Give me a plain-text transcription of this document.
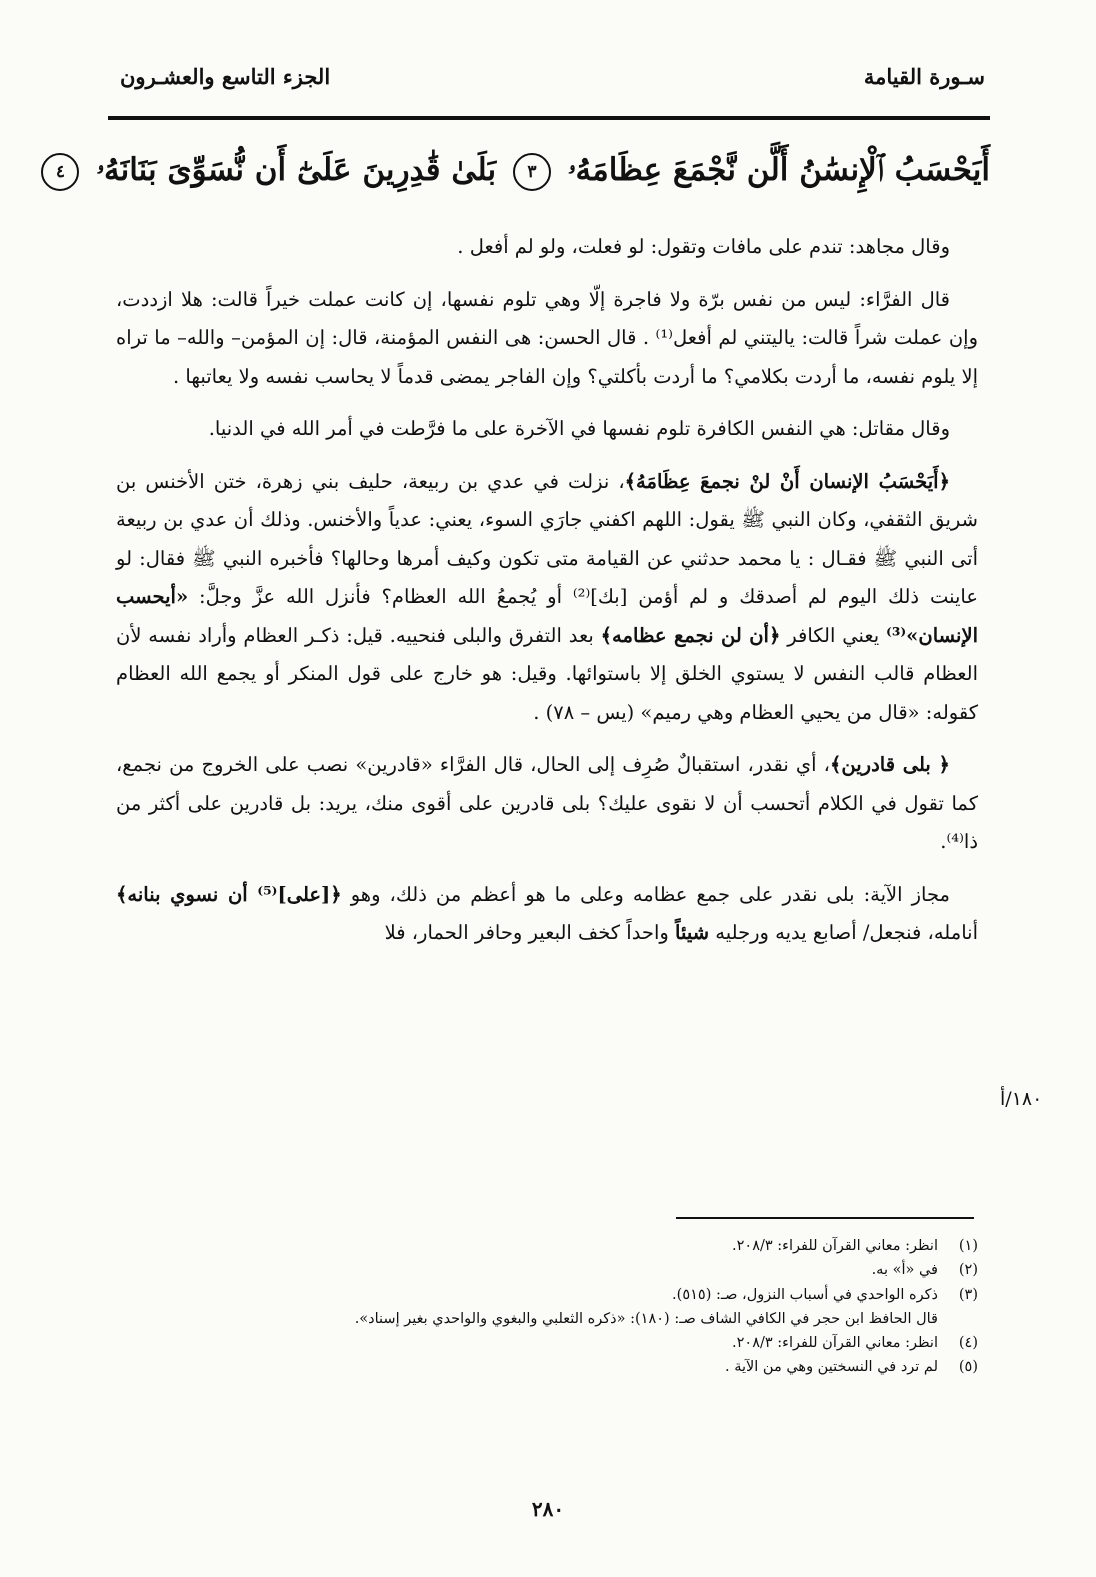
سـورة القيامة
الجزء التاسع والعشـرون
أَيَحْسَبُ ٱلْإِنسَٰنُ أَلَّن نَّجْمَعَ عِظَامَهُۥ ٣ بَلَىٰ قَٰدِرِينَ عَلَىٰٓ أَن نُّسَوِّىَ بَنَانَهُۥ ٤

وقال مجاهد: تندم على مافات وتقول: لو فعلت، ولو لم أفعل .

قال الفرَّاء: ليس من نفس برّة ولا فاجرة إلّا وهي تلوم نفسها، إن كانت عملت خيراً قالت: هلا ازددت، وإن عملت شراً قالت: ياليتني لم أفعل⁽¹⁾ . قال الحسن: هى النفس المؤمنة، قال: إن المؤمن– والله– ما تراه إلا يلوم نفسه، ما أردت بكلامي؟ ما أردت بأكلتي؟ وإن الفاجر يمضى قدماً لا يحاسب نفسه ولا يعاتبها .

وقال مقاتل: هي النفس الكافرة تلوم نفسها في الآخرة على ما فرَّطت في أمر الله في الدنيا.

﴿أَيَحْسَبُ الإنسان أَنْ لنْ نجمعَ عِظَامَهُ﴾، نزلت في عدي بن ربيعة، حليف بني زهرة، ختن الأخنس بن شريق الثقفي، وكان النبي ﷺ يقول: اللهم اكفني جارَي السوء، يعني: عدياً والأخنس. وذلك أن عدي بن ربيعة أتى النبي ﷺ فقـال : يا محمد حدثني عن القيامة متى تكون وكيف أمرها وحالها؟ فأخبره النبي ﷺ فقال: لو عاينت ذلك اليوم لم أصدقك و لم أؤمن [بك]⁽²⁾ أو يُجمعُ الله العظام؟ فأنزل الله عزَّ وجلَّ: «أيحسب الإنسان»⁽³⁾ يعني الكافر ﴿أن لن نجمع عظامه﴾ بعد التفرق والبلى فنحييه. قيل: ذكـر العظام وأراد نفسه لأن العظام قالب النفس لا يستوي الخلق إلا باستوائها. وقيل: هو خارج على قول المنكر أو يجمع الله العظام كقوله: «قال من يحيي العظام وهي رميم» (يس – ٧٨) .

﴿ بلى قادرين﴾، أي نقدر، استقبالٌ صُرِف إلى الحال، قال الفرَّاء «قادرين» نصب على الخروج من نجمع، كما تقول في الكلام أتحسب أن لا نقوى عليك؟ بلى قادرين على أقوى منك، يريد: بل قادرين على أكثر من ذا⁽⁴⁾.

مجاز الآية: بلى نقدر على جمع عظامه وعلى ما هو أعظم من ذلك، وهو ﴿[على]⁽⁵⁾ أن نسوي بنانه﴾ أنامله، فنجعل/ أصابع يديه ورجليه شيئاً واحداً كخف البعير وحافر الحمار، فلا

١٨٠/أ
(١)
انظر: معاني القرآن للفراء: ٢٠٨/٣.
(٢)
في «أ» به.
(٣)
ذكره الواحدي في أسباب النزول، صـ: (٥١٥).
قال الحافظ ابن حجر في الكافي الشاف صـ: (١٨٠): «ذكره الثعلبي والبغوي والواحدي بغير إسناد».
(٤)
انظر: معاني القرآن للفراء: ٢٠٨/٣.
(٥)
لم ترد في النسختين وهي من الآية .
٢٨٠
